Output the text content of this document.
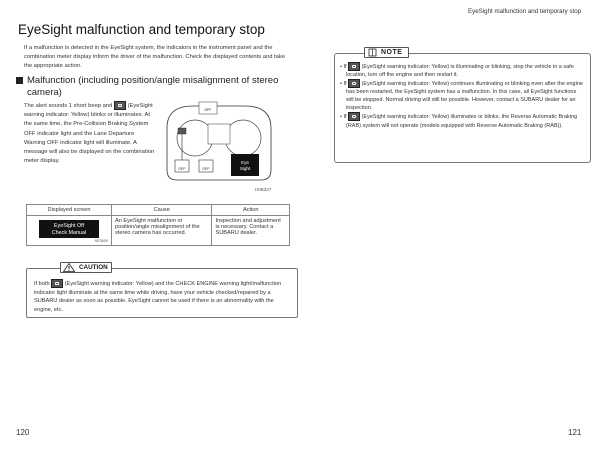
EyeSight malfunction and temporary stop
EyeSight malfunction and temporary stop
If a malfunction is detected in the EyeSight system, the indicators in the instrument panel and the combination meter display inform the driver of the malfunction. Check the displayed contents and take the appropriate action.
Malfunction (including position/angle misalignment of stereo camera)
The alert sounds 1 short beep and	(EyeSight warning indicator: Yellow) blinks or illuminates. At the same time, the Pre-Collision Braking System OFF indicator light and the Lane Departure Warning OFF indicator light will illuminate. A message will also be displayed on the combination meter display.
OFF	OFF
OFF
Eye
Sight
H0B327
Displayed screen	Cause	Action

EyeSight Off
Check Manual
SE3600	An EyeSight malfunction or position/angle misalignment of the stereo camera has occurred.	Inspection and adjustment is necessary. Contact a SUBARU dealer.
CAUTION
If both	(EyeSight warning indicator: Yellow) and the CHECK ENGINE warning light/malfunction indicator light illuminate at the same time while driving, have your vehicle checked/repaired by a SUBARU dealer as soon as possible. EyeSight cannot be used if there is an abnormality with the engine, etc.
NOTE

• If	(EyeSight warning indicator: Yellow) is illuminating or blinking, stop the vehicle in a safe location, turn off the engine and then restart it.

• If	(EyeSight warning indicator: Yellow) continues illuminating or blinking even after the engine has been restarted, the EyeSight system has a malfunction. In this case, all EyeSight functions will be stopped. Normal driving will still be possible. However, contact a SUBARU dealer for an inspection.

• If	(EyeSight warning indicator: Yellow) illuminates or blinks, the Reverse Automatic Braking (RAB) system will not operate (models equipped with Reverse Automatic Braking (RAB)).

120	121
